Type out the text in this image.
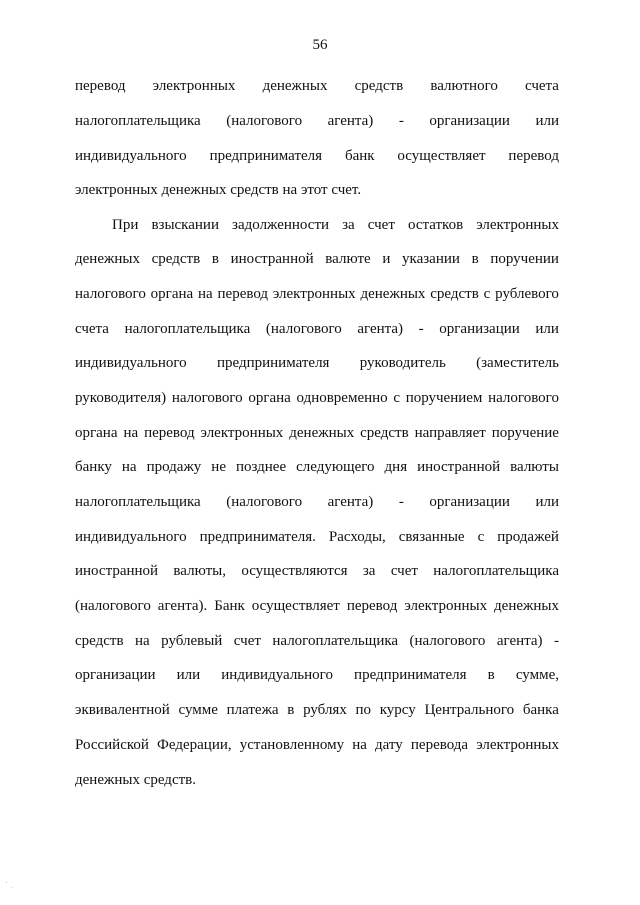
56
перевод электронных денежных средств валютного счета
налогоплательщика (налогового агента) - организации или
индивидуального предпринимателя банк осуществляет перевод
электронных денежных средств на этот счет.
При взыскании задолженности за счет остатков электронных
денежных средств в иностранной валюте и указании в поручении
налогового органа на перевод электронных денежных средств с рублевого
счета налогоплательщика (налогового агента) - организации или
индивидуального предпринимателя руководитель (заместитель
руководителя) налогового органа одновременно с поручением налогового
органа на перевод электронных денежных средств направляет поручение
банку на продажу не позднее следующего дня иностранной валюты
налогоплательщика (налогового агента) - организации или
индивидуального предпринимателя. Расходы, связанные с продажей
иностранной валюты, осуществляются за счет налогоплательщика
(налогового агента). Банк осуществляет перевод электронных денежных
средств на рублевый счет налогоплательщика (налогового агента) -
организации или индивидуального предпринимателя в сумме,
эквивалентной сумме платежа в рублях по курсу Центрального банка
Российской Федерации, установленному на дату перевода электронных
денежных средств.
